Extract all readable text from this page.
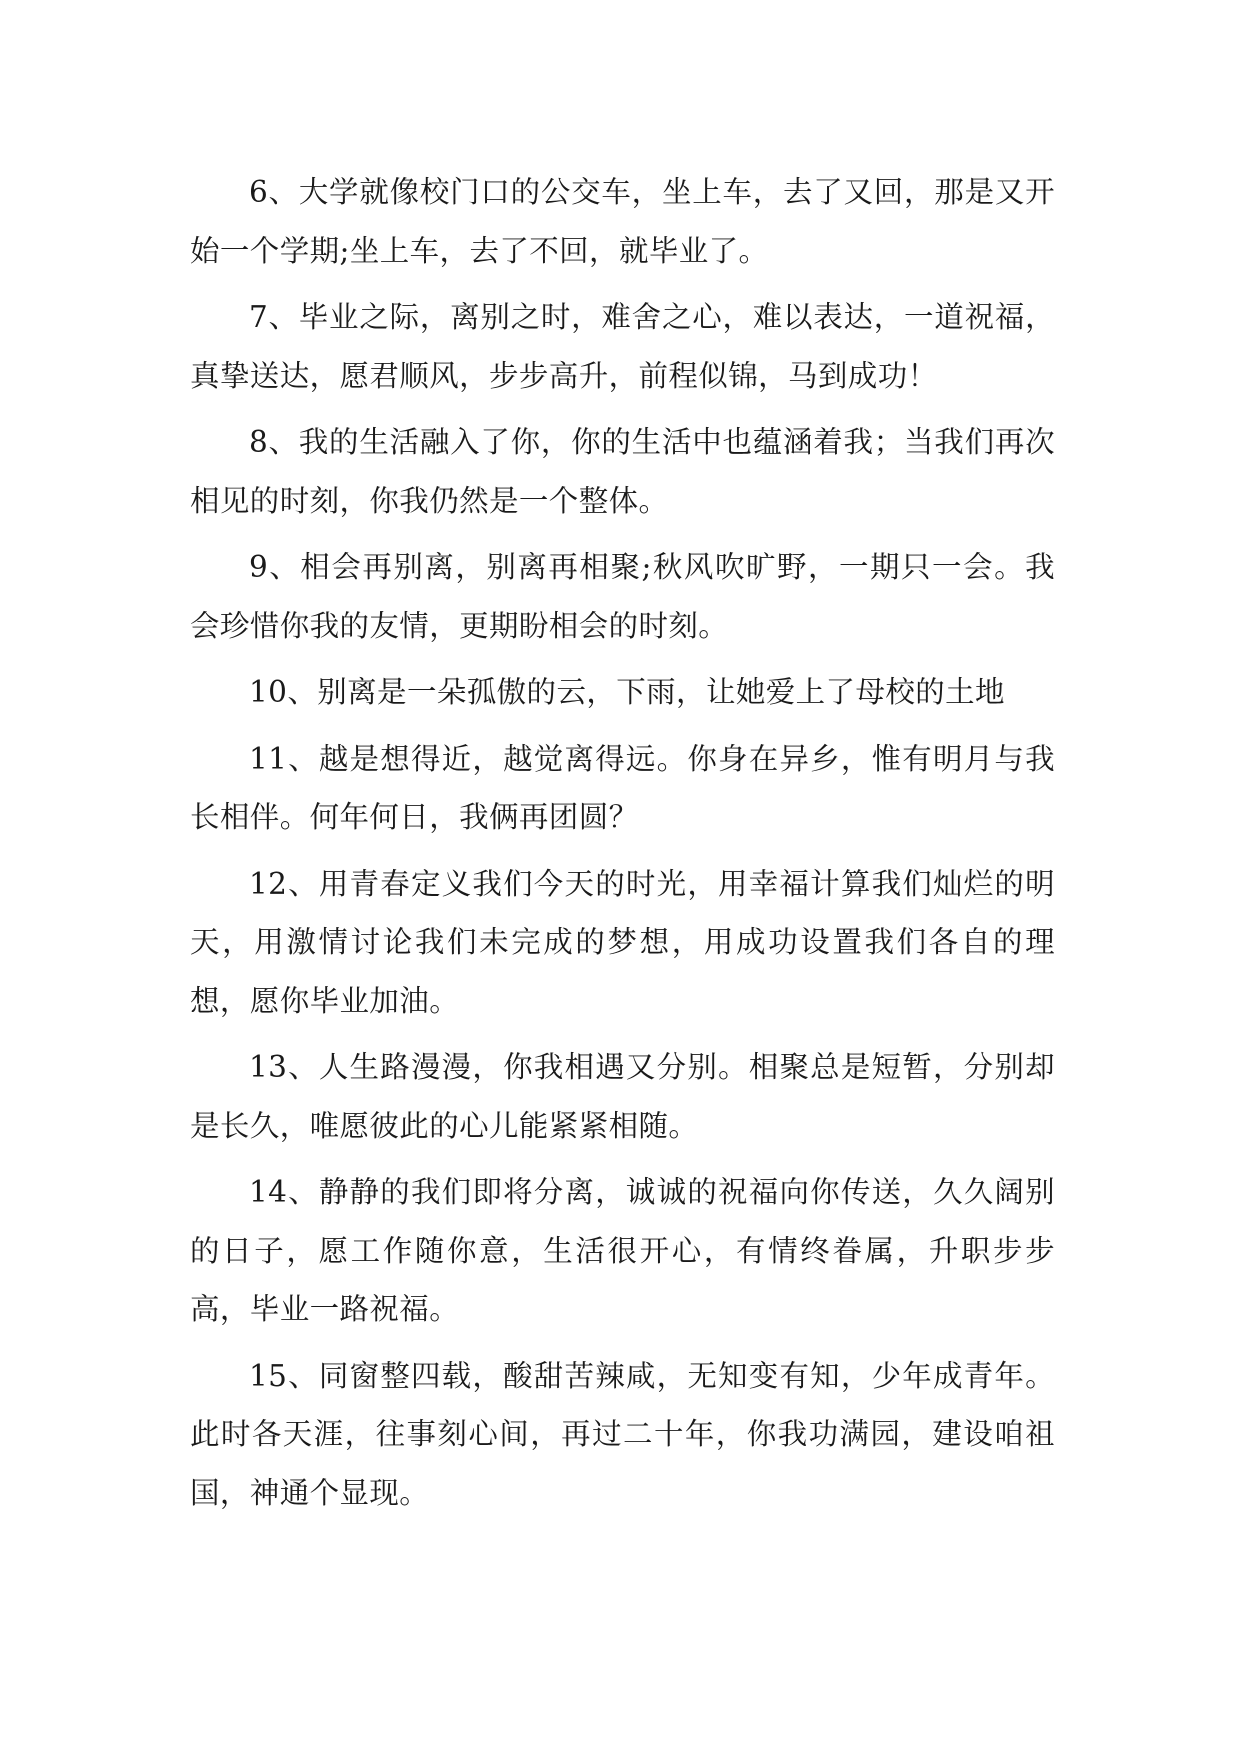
6、大学就像校门口的公交车，坐上车，去了又回，那是又开始一个学期;坐上车，去了不回，就毕业了。

7、毕业之际，离别之时，难舍之心，难以表达，一道祝福，真挚送达，愿君顺风，步步高升，前程似锦，马到成功！

8、我的生活融入了你，你的生活中也蕴涵着我；当我们再次相见的时刻，你我仍然是一个整体。

9、相会再别离，别离再相聚;秋风吹旷野，一期只一会。我会珍惜你我的友情，更期盼相会的时刻。

10、别离是一朵孤傲的云，下雨，让她爱上了母校的土地

11、越是想得近，越觉离得远。你身在异乡，惟有明月与我长相伴。何年何日，我俩再团圆？

12、用青春定义我们今天的时光，用幸福计算我们灿烂的明天，用激情讨论我们未完成的梦想，用成功设置我们各自的理想，愿你毕业加油。

13、人生路漫漫，你我相遇又分别。相聚总是短暂，分别却是长久，唯愿彼此的心儿能紧紧相随。

14、静静的我们即将分离，诚诚的祝福向你传送，久久阔别的日子，愿工作随你意，生活很开心，有情终眷属，升职步步高，毕业一路祝福。

15、同窗整四载，酸甜苦辣咸，无知变有知，少年成青年。此时各天涯，往事刻心间，再过二十年，你我功满园，建设咱祖国，神通个显现。
